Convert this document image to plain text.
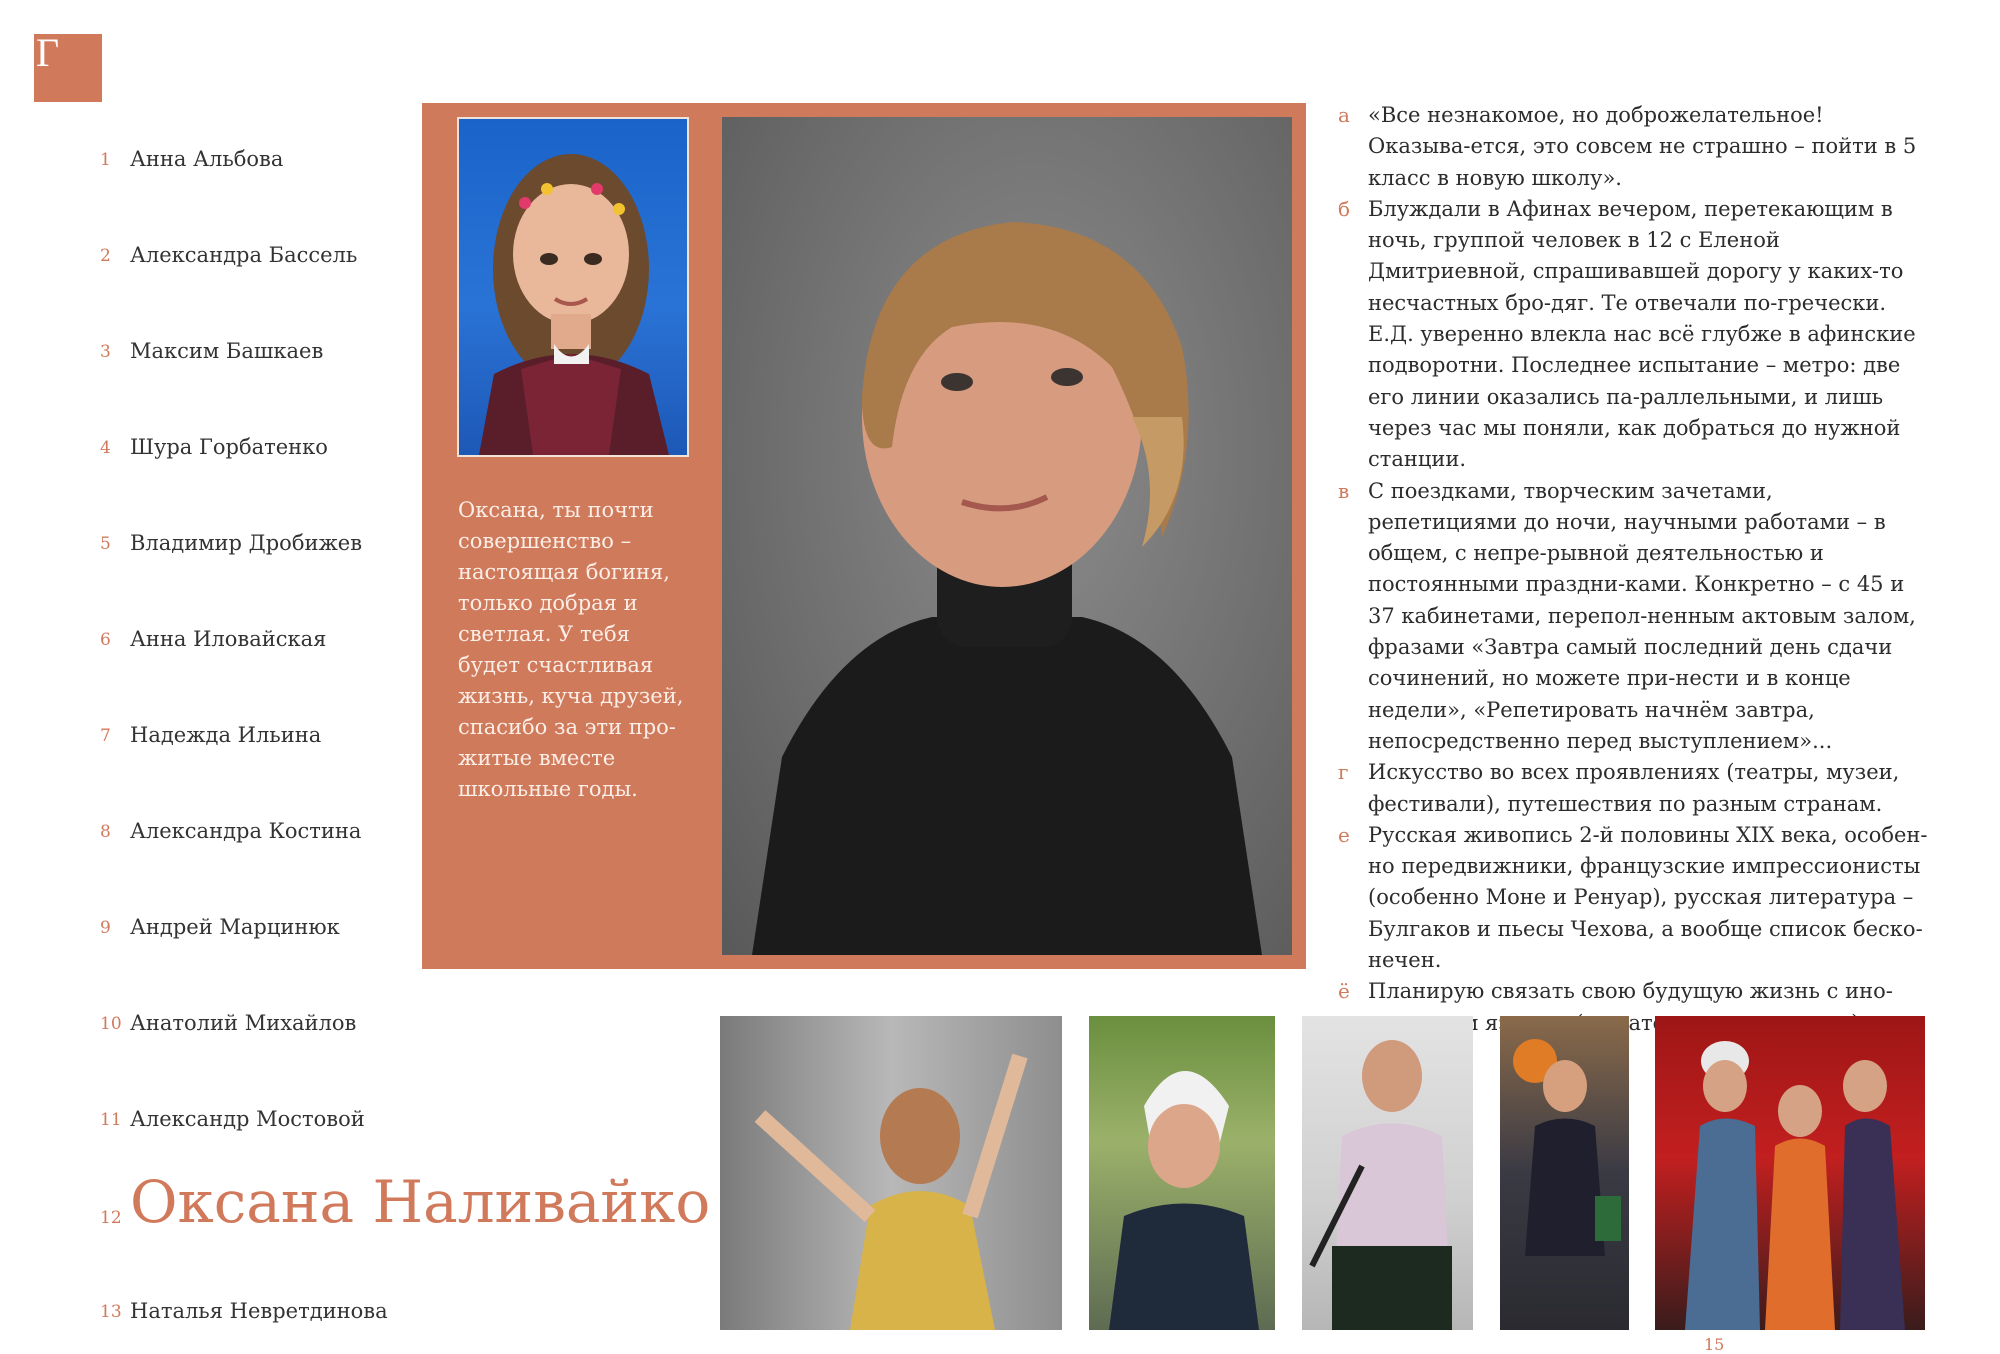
Г
1 Анна Альбова
2 Александра Бассель
3 Максим Башкаев
4 Шура Горбатенко
5 Владимир Дробижев
6 Анна Иловайская
7 Надежда Ильина
8 Александра Костина
9 Андрей Марцинюк
10 Анатолий Михайлов
11 Александр Мостовой
12 Оксана Наливайко
13 Наталья Невретдинова
Оксана, ты почти совершенство – настоящая богиня, только добрая и светлая. У тебя будет счастливая жизнь, куча друзей, спасибо за эти про-житые вместе школьные годы.
а «Все незнакомое, но доброжелательное! Оказыва-ется, это совсем не страшно – пойти в 5 класс в новую школу».
б Блуждали в Афинах вечером, перетекающим в ночь, группой человек в 12 с Еленой Дмитриевной, спрашивавшей дорогу у каких-то несчастных бро-дяг. Те отвечали по-гречески. Е.Д. уверенно влекла нас всё глубже в афинские подворотни. Последнее испытание – метро: две его линии оказались па-раллельными, и лишь через час мы поняли, как добраться до нужной станции.
в С поездками, творческим зачетами, репетициями до ночи, научными работами – в общем, с непре-рывной деятельностью и постоянными праздни-ками. Конкретно – с 45 и 37 кабинетами, перепол-ненным актовым залом, фразами «Завтра самый последний день сдачи сочинений, но можете при-нести и в конце недели», «Репетировать начнём завтра, непосредственно перед выступлением»...
г Искусство во всех проявлениях (театры, музеи, фестивали), путешествия по разным странам.
е Русская живопись 2-й половины XIX века, особен-но передвижники, французские импрессионисты (особенно Моне и Ренуар), русская литература – Булгаков и пьесы Чехова, а вообще список беско-нечен.
ё Планирую связать свою будущую жизнь с ино- (желательно,
15
